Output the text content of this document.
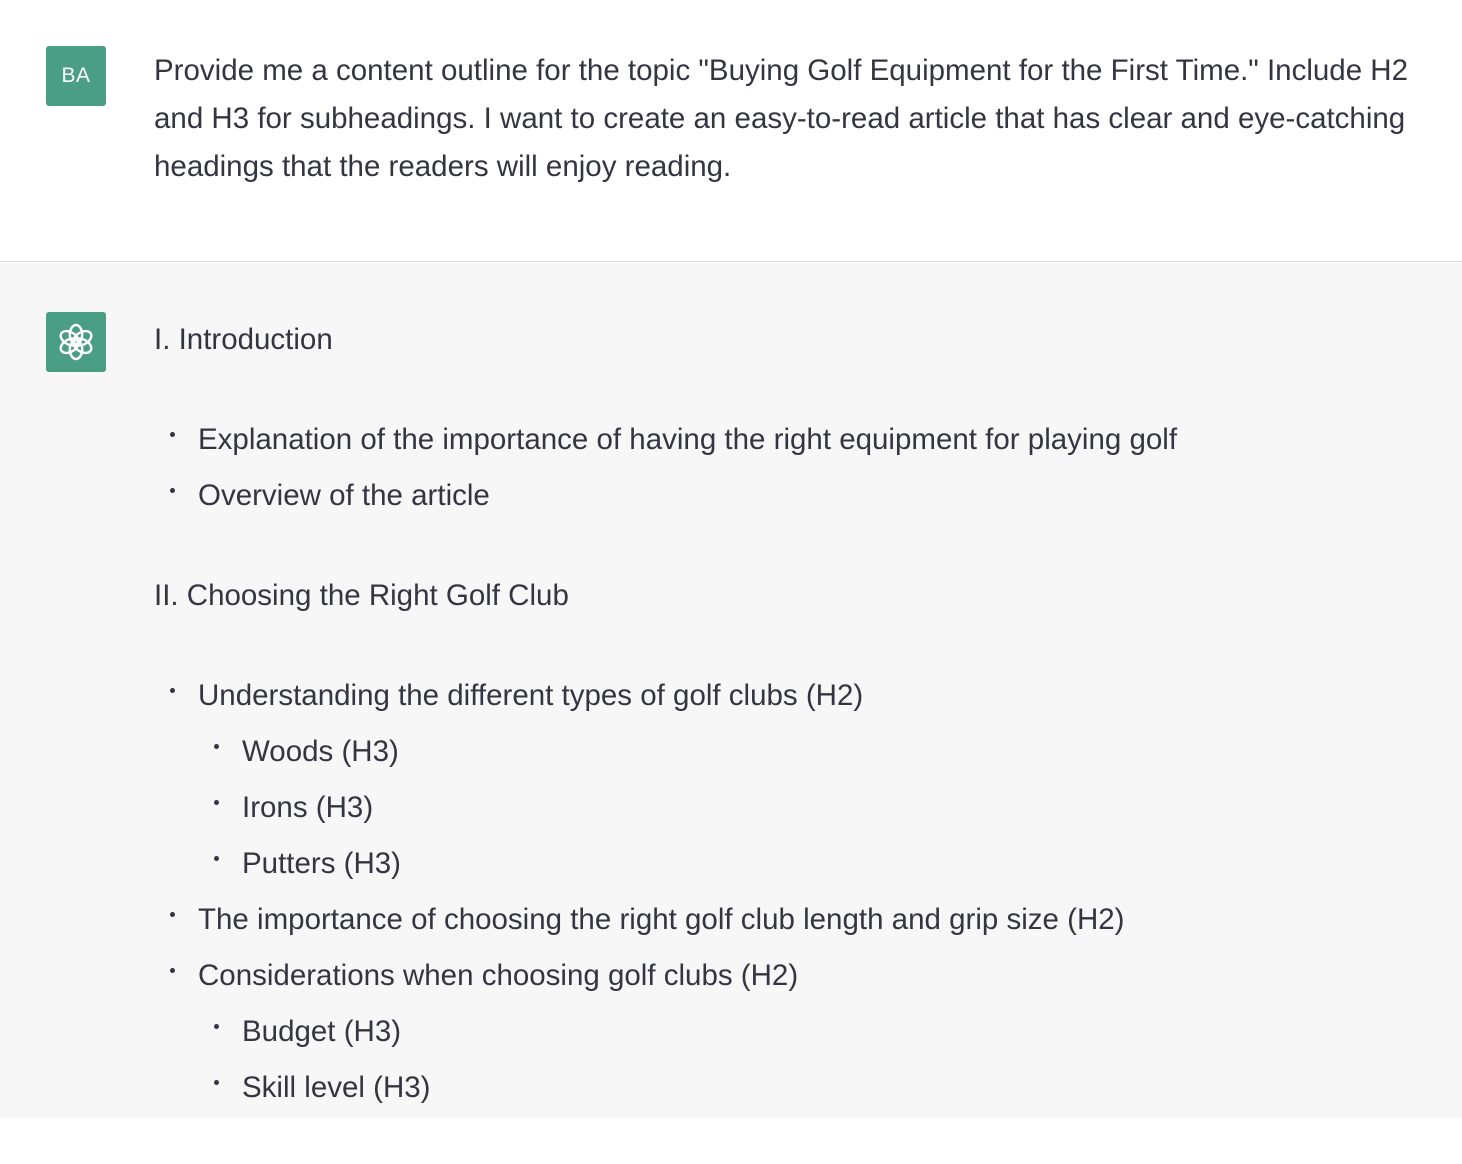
BA Provide me a content outline for the topic "Buying Golf Equipment for the First Time." Include H2 and H3 for subheadings. I want to create an easy-to-read article that has clear and eye-catching headings that the readers will enjoy reading.

I. Introduction

Explanation of the importance of having the right equipment for playing golf
Overview of the article

II. Choosing the Right Golf Club

Understanding the different types of golf clubs (H2)
Woods (H3)
Irons (H3)
Putters (H3)
The importance of choosing the right golf club length and grip size (H2)
Considerations when choosing golf clubs (H2)
Budget (H3)
Skill level (H3)
